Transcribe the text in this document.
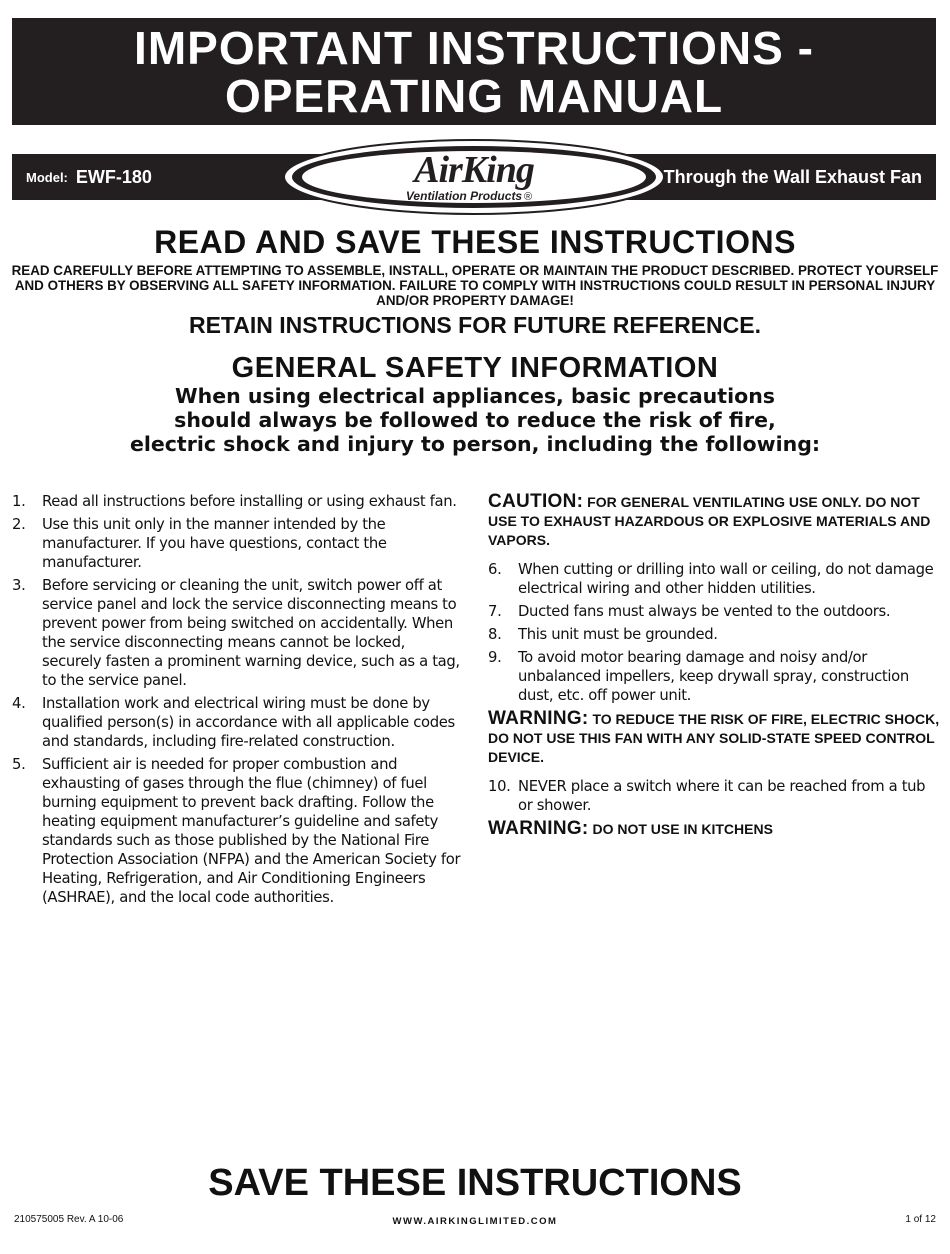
IMPORTANT INSTRUCTIONS -
OPERATING MANUAL
Model: EWF-180	Through the Wall Exhaust Fan
AirKing
Ventilation Products ®
READ AND SAVE THESE INSTRUCTIONS
READ CAREFULLY BEFORE ATTEMPTING TO ASSEMBLE, INSTALL, OPERATE OR MAINTAIN THE PRODUCT DESCRIBED. PROTECT YOURSELF AND OTHERS BY OBSERVING ALL SAFETY INFORMATION. FAILURE TO COMPLY WITH INSTRUCTIONS COULD RESULT IN PERSONAL INJURY AND/OR PROPERTY DAMAGE!
RETAIN INSTRUCTIONS FOR FUTURE REFERENCE.
GENERAL SAFETY INFORMATION
When using electrical appliances, basic precautions
should always be followed to reduce the risk of fire,
electric shock and injury to person, including the following:
1.	Read all instructions before installing or using exhaust fan.
2.	Use this unit only in the manner intended by the manufacturer. If you have questions, contact the manufacturer.
3.	Before servicing or cleaning the unit, switch power off at service panel and lock the service disconnecting means to prevent power from being switched on accidentally. When the service disconnecting means cannot be locked, securely fasten a prominent warning device, such as a tag, to the service panel.
4.	Installation work and electrical wiring must be done by qualified person(s) in accordance with all applicable codes and standards, including fire-related construction.
5.	Sufficient air is needed for proper combustion and exhausting of gases through the flue (chimney) of fuel burning equipment to prevent back drafting. Follow the heating equipment manufacturer’s guideline and safety standards such as those published by the National Fire Protection Association (NFPA) and the American Society for Heating, Refrigeration, and Air Conditioning Engineers (ASHRAE), and the local code authorities.
CAUTION: FOR GENERAL VENTILATING USE ONLY. DO NOT USE TO EXHAUST HAZARDOUS OR EXPLOSIVE MATERIALS AND VAPORS.
6.	When cutting or drilling into wall or ceiling, do not damage electrical wiring and other hidden utilities.
7.	Ducted fans must always be vented to the outdoors.
8.	This unit must be grounded.
9.	To avoid motor bearing damage and noisy and/or unbalanced impellers, keep drywall spray, construction dust, etc. off power unit.
WARNING: TO REDUCE THE RISK OF FIRE, ELECTRIC SHOCK, DO NOT USE THIS FAN WITH ANY SOLID-STATE SPEED CONTROL DEVICE.
10. NEVER place a switch where it can be reached from a tub or shower.
WARNING: DO NOT USE IN KITCHENS
SAVE THESE INSTRUCTIONS
210575005 Rev. A 10-06	WWW.AIRKINGLIMITED.COM	1 of 12
